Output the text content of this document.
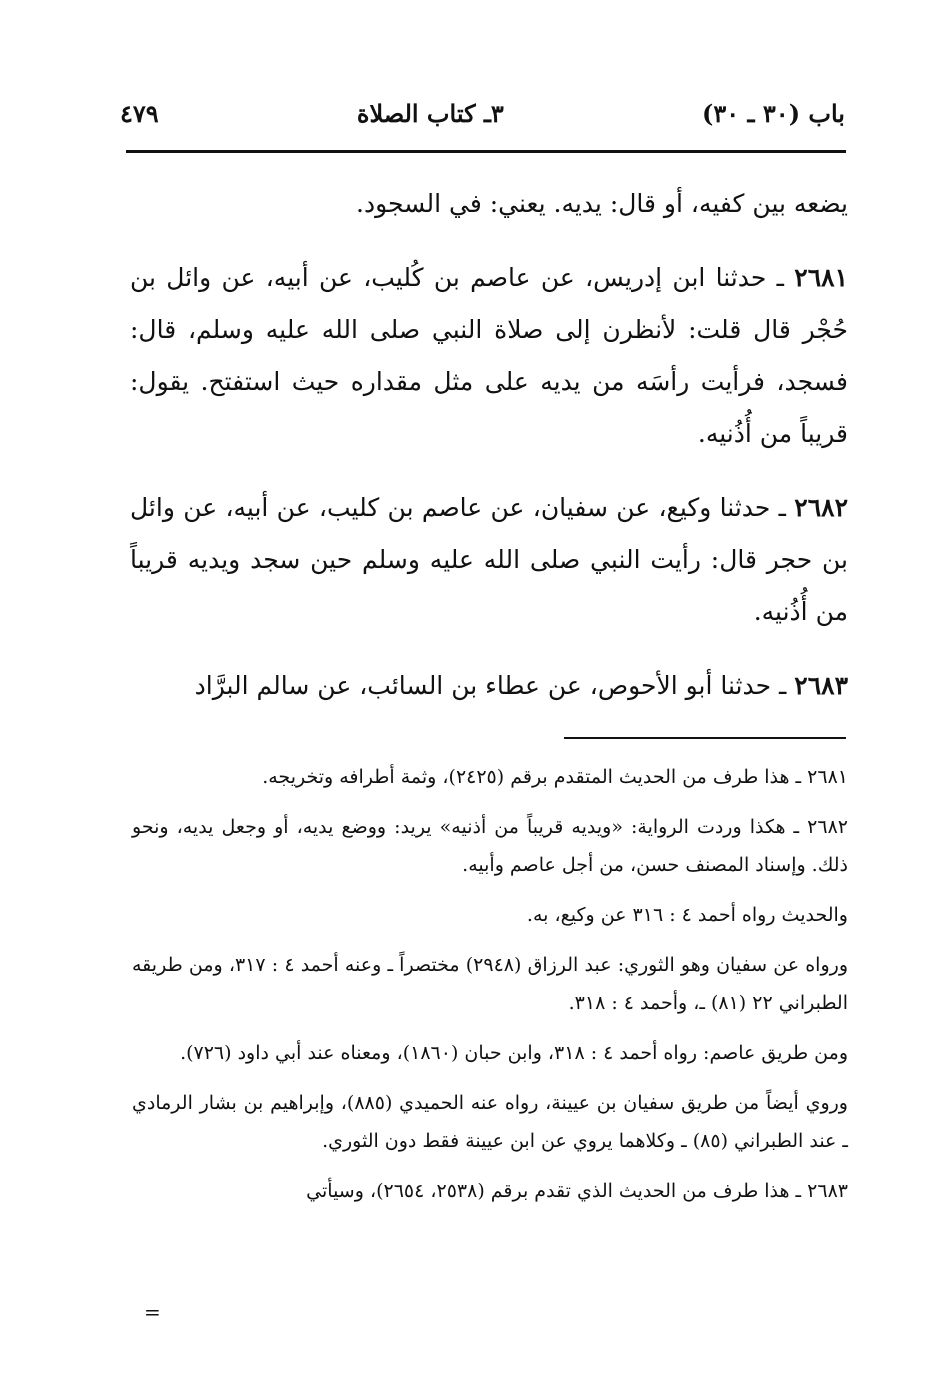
٤٧٩	٣ـ كتاب الصلاة	باب (٣٠ ـ ٣٠)

يضعه بين كفيه، أو قال: يديه. يعني: في السجود.

٢٦٨١ ـ حدثنا ابن إدريس، عن عاصم بن كُليب، عن أبيه، عن وائل بن حُجْر قال قلت: لأنظرن إلى صلاة النبي صلى الله عليه وسلم، قال: فسجد، فرأيت رأسَه من يديه على مثل مقداره حيث استفتح. يقول: قريباً من أُذُنيه.

٢٦٨٢ ـ حدثنا وكيع، عن سفيان، عن عاصم بن كليب، عن أبيه، عن وائل بن حجر قال: رأيت النبي صلى الله عليه وسلم حين سجد ويديه قريباً من أُذُنيه.

٢٦٨٣ ـ حدثنا أبو الأحوص، عن عطاء بن السائب، عن سالم البرَّاد

٢٦٨١ ـ هذا طرف من الحديث المتقدم برقم (٢٤٢٥)، وثمة أطرافه وتخريجه.

٢٦٨٢ ـ هكذا وردت الرواية: «ويديه قريباً من أذنيه» يريد: ووضع يديه، أو وجعل يديه، ونحو ذلك. وإسناد المصنف حسن، من أجل عاصم وأبيه.

والحديث رواه أحمد ٤ : ٣١٦ عن وكيع، به.

ورواه عن سفيان وهو الثوري: عبد الرزاق (٢٩٤٨) مختصراً ـ وعنه أحمد ٤ : ٣١٧، ومن طريقه الطبراني ٢٢ (٨١) ـ، وأحمد ٤ : ٣١٨.

ومن طريق عاصم: رواه أحمد ٤ : ٣١٨، وابن حبان (١٨٦٠)، ومعناه عند أبي داود (٧٢٦).

وروي أيضاً من طريق سفيان بن عيينة، رواه عنه الحميدي (٨٨٥)، وإبراهيم بن بشار الرمادي ـ عند الطبراني (٨٥) ـ وكلاهما يروي عن ابن عيينة فقط دون الثوري.

٢٦٨٣ ـ هذا طرف من الحديث الذي تقدم برقم (٢٥٣٨، ٢٦٥٤)، وسيأتي

=
